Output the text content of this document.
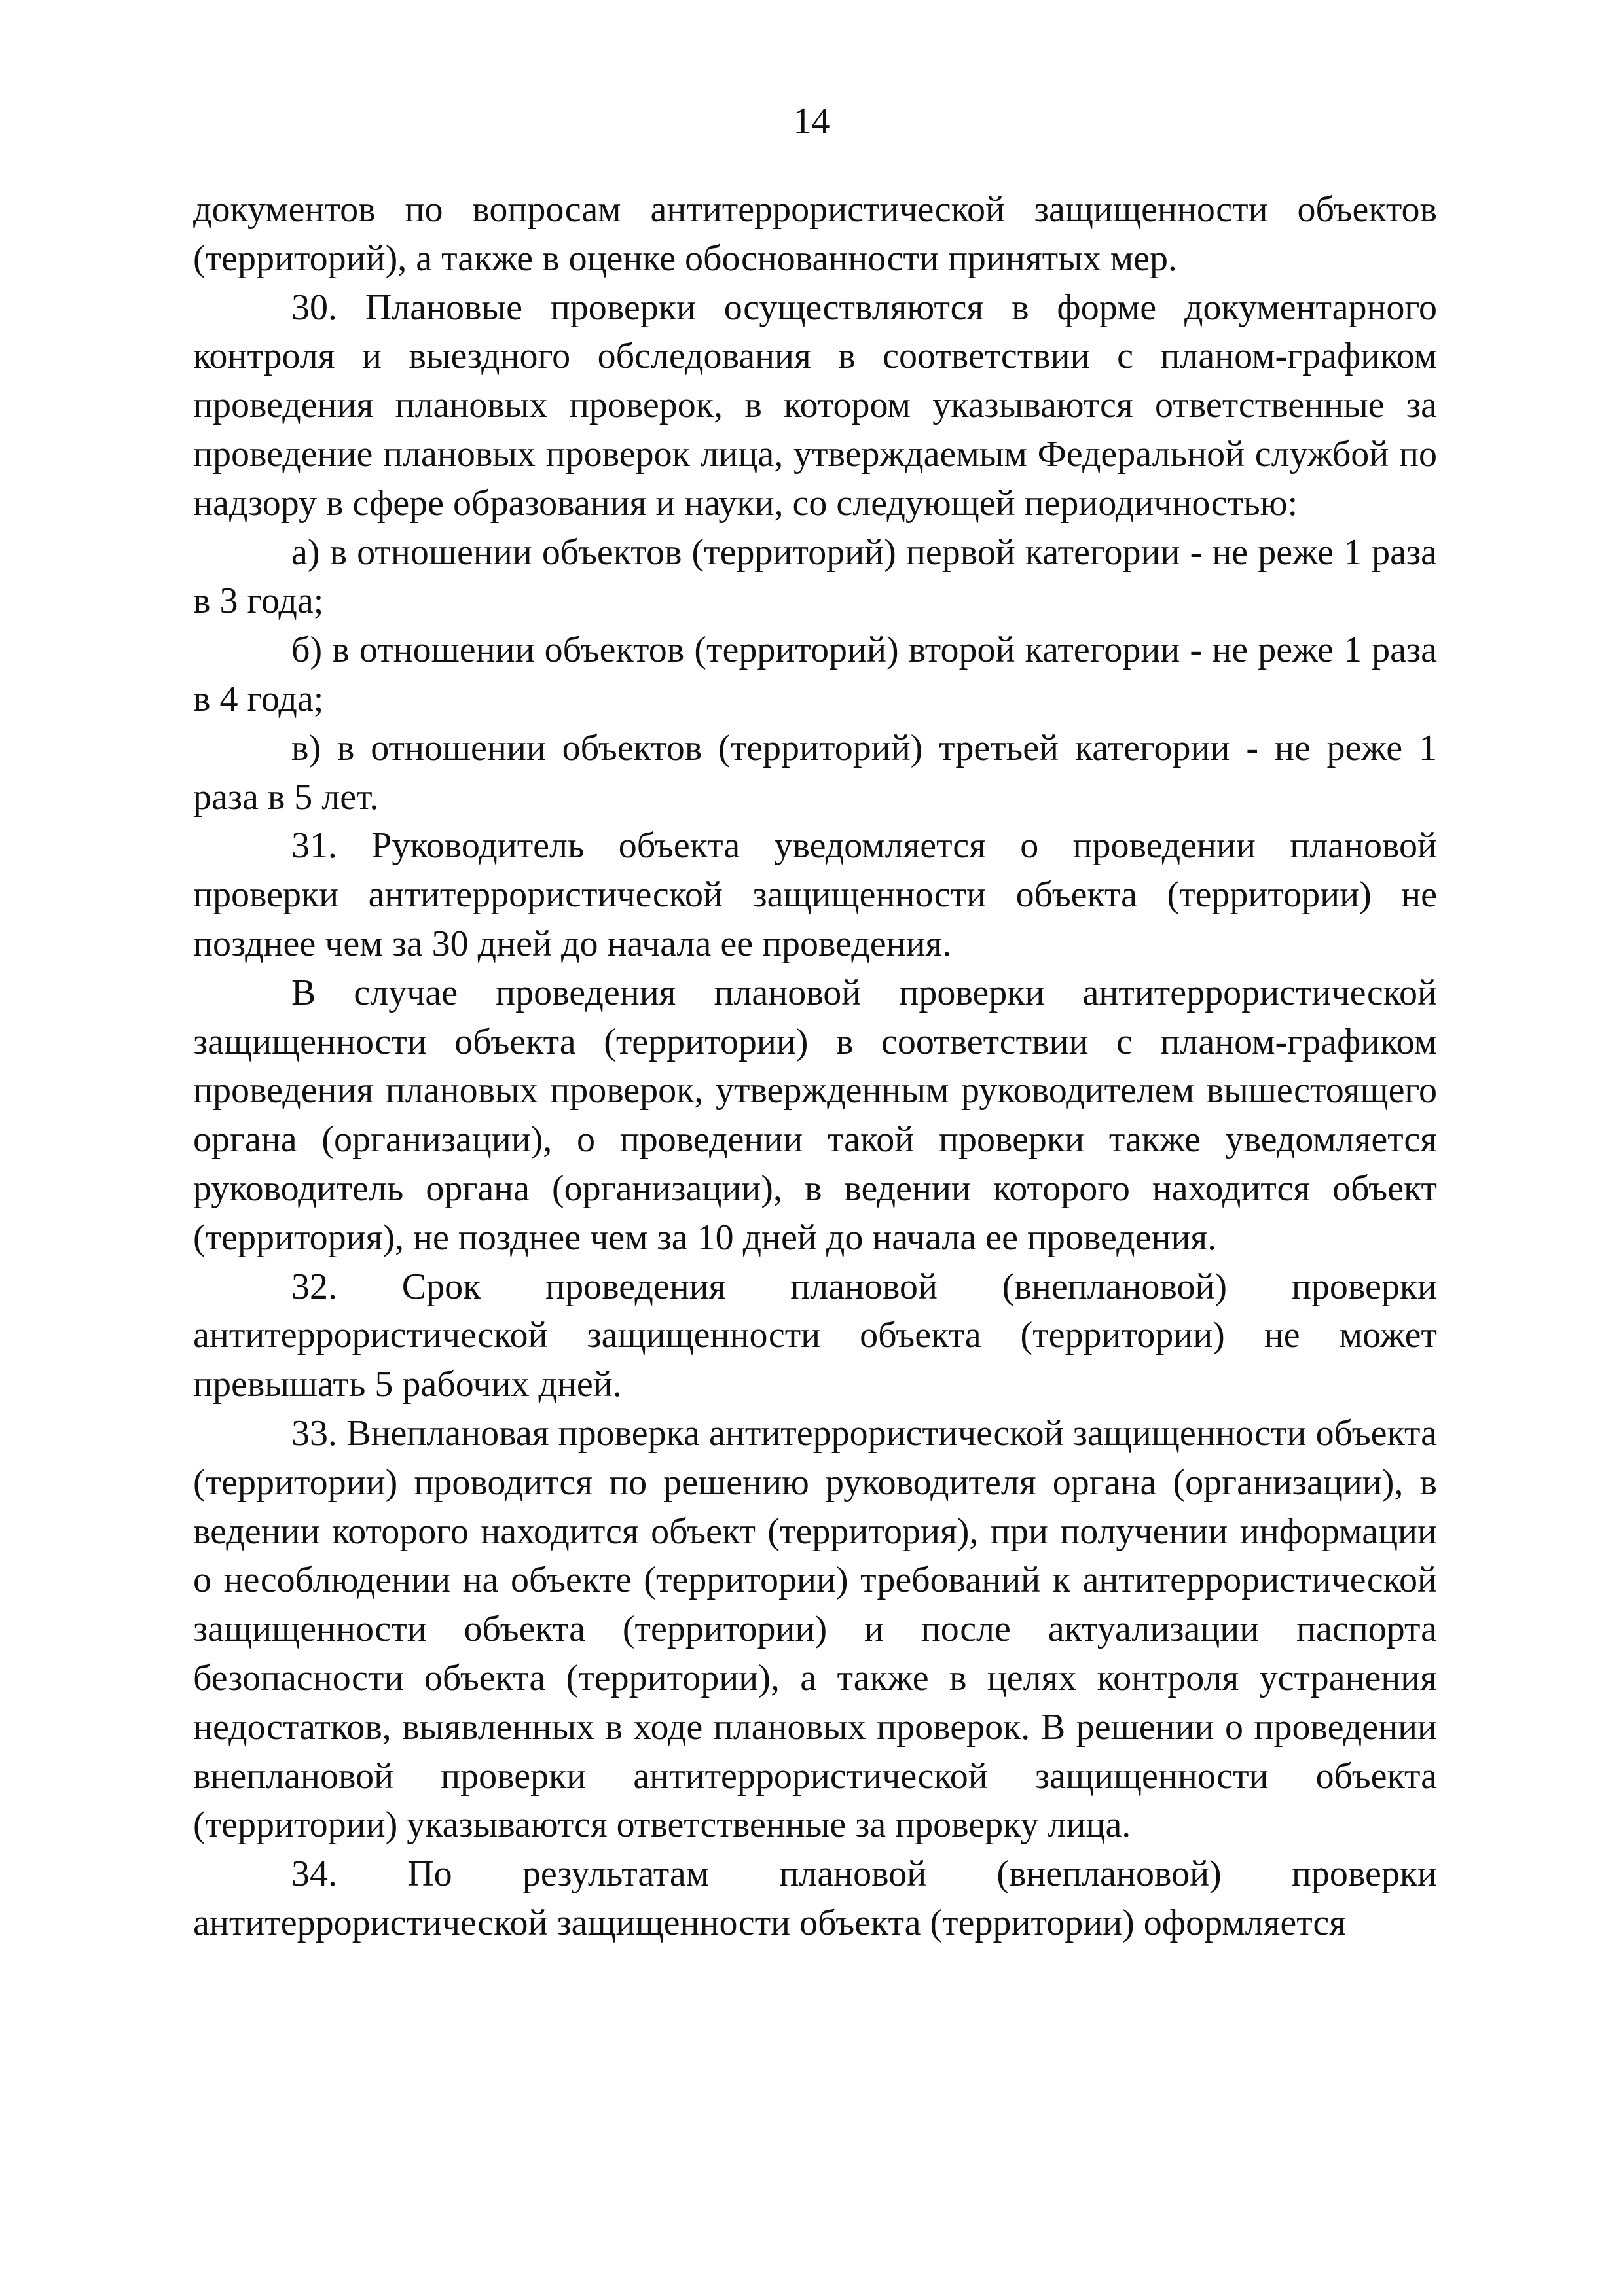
14

документов по вопросам антитеррористической защищенности объектов (территорий), а также в оценке обоснованности принятых мер.

30. Плановые проверки осуществляются в форме документарного контроля и выездного обследования в соответствии с планом-графиком проведения плановых проверок, в котором указываются ответственные за проведение плановых проверок лица, утверждаемым Федеральной службой по надзору в сфере образования и науки, со следующей периодичностью:

а) в отношении объектов (территорий) первой категории - не реже 1 раза в 3 года;

б) в отношении объектов (территорий) второй категории - не реже 1 раза в 4 года;

в) в отношении объектов (территорий) третьей категории - не реже 1 раза в 5 лет.

31. Руководитель объекта уведомляется о проведении плановой проверки антитеррористической защищенности объекта (территории) не позднее чем за 30 дней до начала ее проведения.

В случае проведения плановой проверки антитеррористической защищенности объекта (территории) в соответствии с планом-графиком проведения плановых проверок, утвержденным руководителем вышестоящего органа (организации), о проведении такой проверки также уведомляется руководитель органа (организации), в ведении которого находится объект (территория), не позднее чем за 10 дней до начала ее проведения.

32. Срок проведения плановой (внеплановой) проверки антитеррористической защищенности объекта (территории) не может превышать 5 рабочих дней.

33. Внеплановая проверка антитеррористической защищенности объекта (территории) проводится по решению руководителя органа (организации), в ведении которого находится объект (территория), при получении информации о несоблюдении на объекте (территории) требований к антитеррористической защищенности объекта (территории) и после актуализации паспорта безопасности объекта (территории), а также в целях контроля устранения недостатков, выявленных в ходе плановых проверок. В решении о проведении внеплановой проверки антитеррористической защищенности объекта (территории) указываются ответственные за проверку лица.

34. По результатам плановой (внеплановой) проверки антитеррористической защищенности объекта (территории) оформляется
